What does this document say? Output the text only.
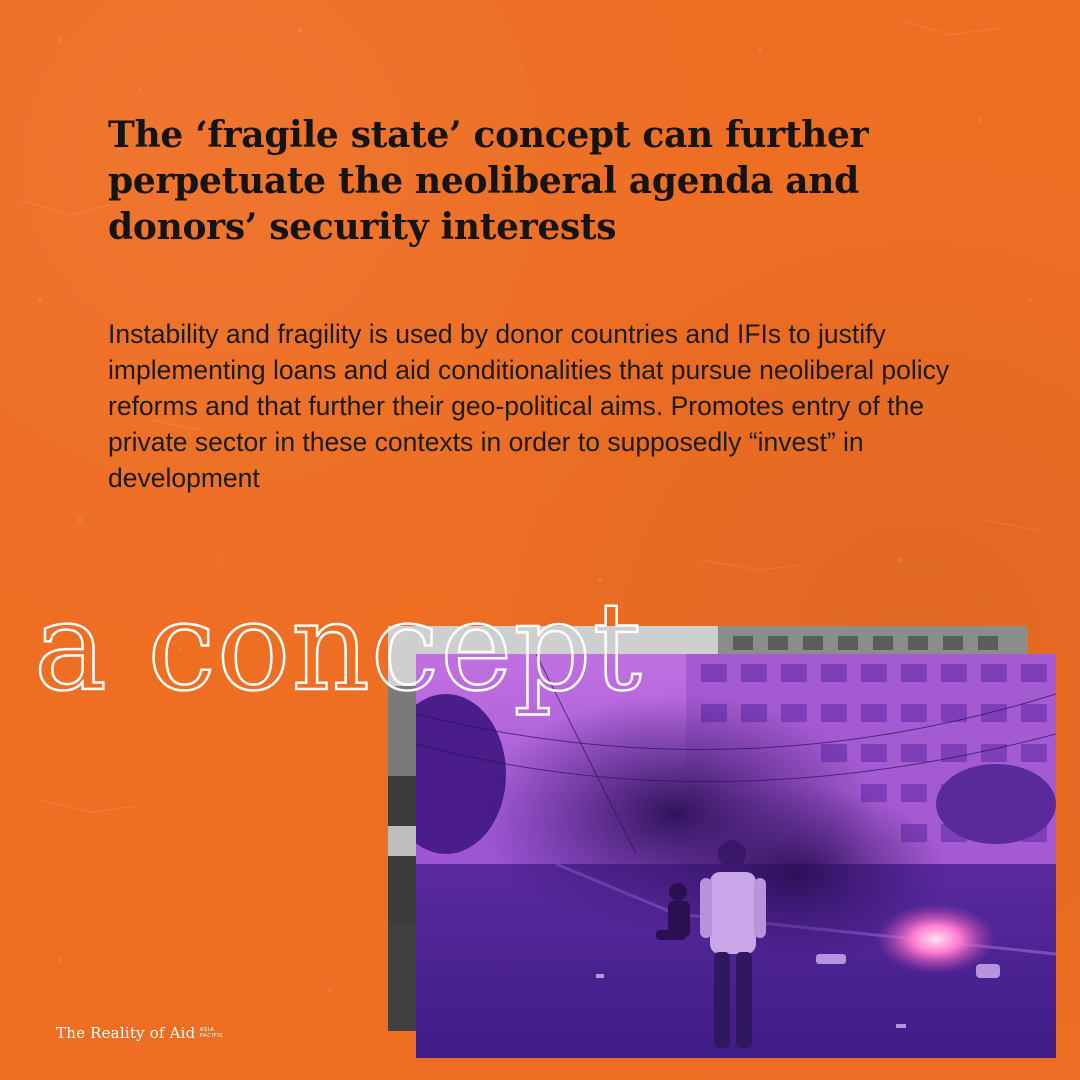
The ‘fragile state’ concept can further perpetuate the neoliberal agenda and donors’ security interests

Instability and fragility is used by donor countries and IFIs to justify implementing loans and aid conditionalities that pursue neoliberal policy reforms and that further their geo-political aims. Promotes entry of the private sector in these contexts in order to supposedly “invest” in development

a concept
The Reality of Aid ASIA
PACIFIC
